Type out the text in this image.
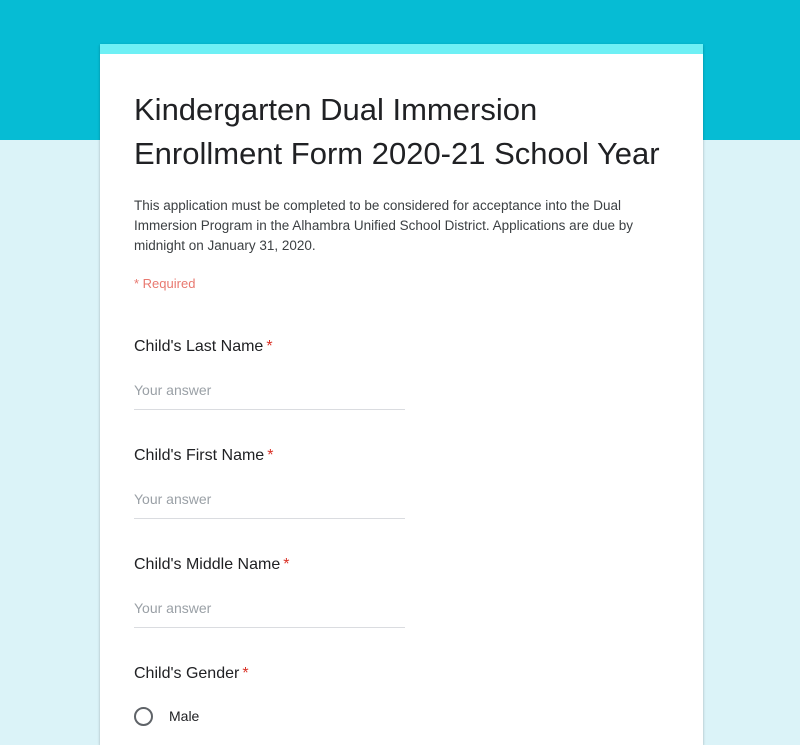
Kindergarten Dual Immersion Enrollment Form 2020-21 School Year

This application must be completed to be considered for acceptance into the Dual Immersion Program in the Alhambra Unified School District. Applications are due by midnight on January 31, 2020.

* Required

Child's Last Name *
Your answer
Child's First Name *
Your answer
Child's Middle Name *
Your answer
Child's Gender *
Male
